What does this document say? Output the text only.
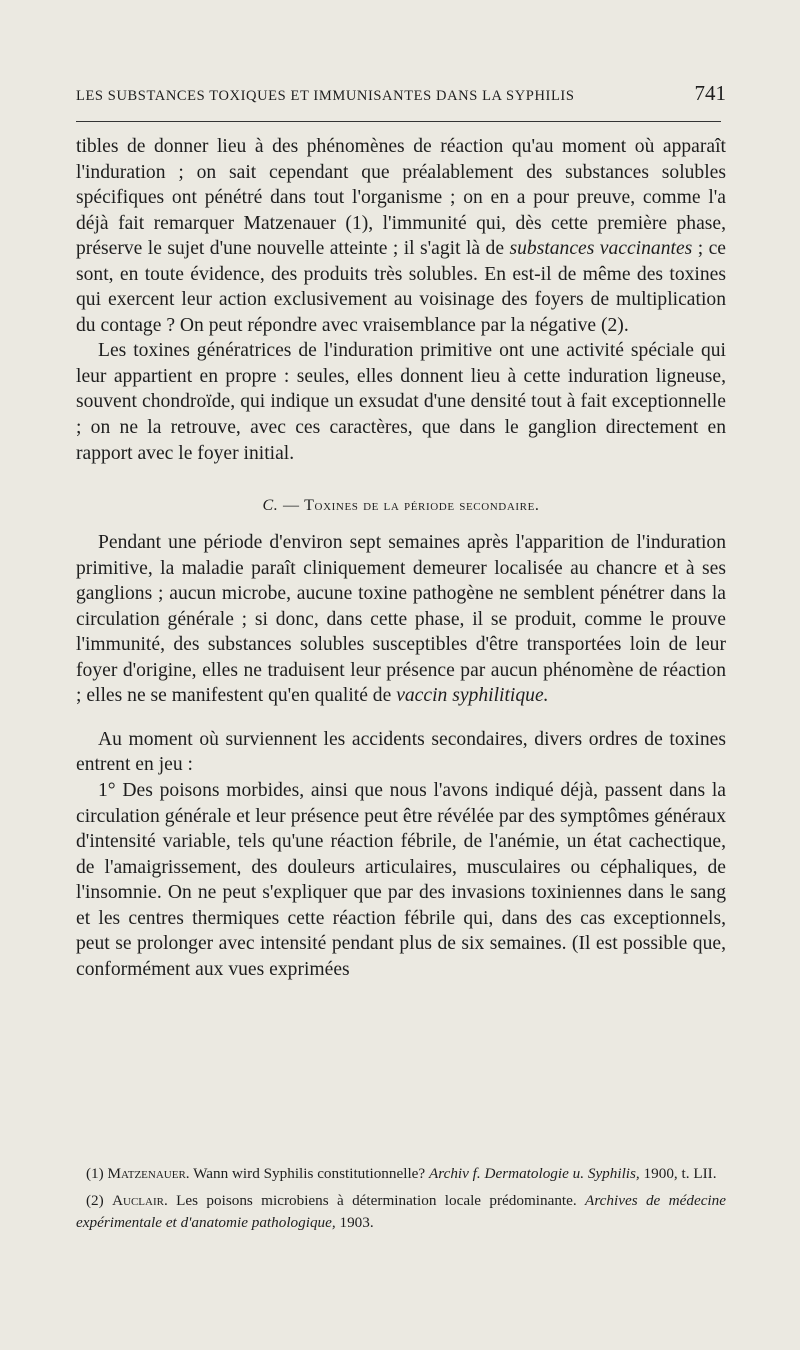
LES SUBSTANCES TOXIQUES ET IMMUNISANTES DANS LA SYPHILIS	741

tibles de donner lieu à des phénomènes de réaction qu'au moment où apparaît l'induration ; on sait cependant que préalablement des substances solubles spécifiques ont pénétré dans tout l'organisme ; on en a pour preuve, comme l'a déjà fait remarquer Matzenauer (1), l'immunité qui, dès cette première phase, préserve le sujet d'une nouvelle atteinte ; il s'agit là de substances vaccinantes ; ce sont, en toute évidence, des produits très solubles. En est-il de même des toxines qui exercent leur action exclusivement au voisinage des foyers de multiplication du contage ? On peut répondre avec vraisemblance par la négative (2).

Les toxines génératrices de l'induration primitive ont une activité spéciale qui leur appartient en propre : seules, elles donnent lieu à cette induration ligneuse, souvent chondroïde, qui indique un exsudat d'une densité tout à fait exceptionnelle ; on ne la retrouve, avec ces caractères, que dans le ganglion directement en rapport avec le foyer initial.

C. — Toxines de la période secondaire.

Pendant une période d'environ sept semaines après l'apparition de l'induration primitive, la maladie paraît cliniquement demeurer localisée au chancre et à ses ganglions ; aucun microbe, aucune toxine pathogène ne semblent pénétrer dans la circulation générale ; si donc, dans cette phase, il se produit, comme le prouve l'immunité, des substances solubles susceptibles d'être transportées loin de leur foyer d'origine, elles ne traduisent leur présence par aucun phénomène de réaction ; elles ne se manifestent qu'en qualité de vaccin syphilitique.

Au moment où surviennent les accidents secondaires, divers ordres de toxines entrent en jeu :

1° Des poisons morbides, ainsi que nous l'avons indiqué déjà, passent dans la circulation générale et leur présence peut être révélée par des symptômes généraux d'intensité variable, tels qu'une réaction fébrile, de l'anémie, un état cachectique, de l'amaigrissement, des douleurs articulaires, musculaires ou céphaliques, de l'insomnie. On ne peut s'expliquer que par des invasions toxiniennes dans le sang et les centres thermiques cette réaction fébrile qui, dans des cas exceptionnels, peut se prolonger avec intensité pendant plus de six semaines. (Il est possible que, conformément aux vues exprimées

(1) Matzenauer. Wann wird Syphilis constitutionnelle? Archiv f. Dermatologie u. Syphilis, 1900, t. LII.

(2) Auclair. Les poisons microbiens à détermination locale prédominante. Archives de médecine expérimentale et d'anatomie pathologique, 1903.
